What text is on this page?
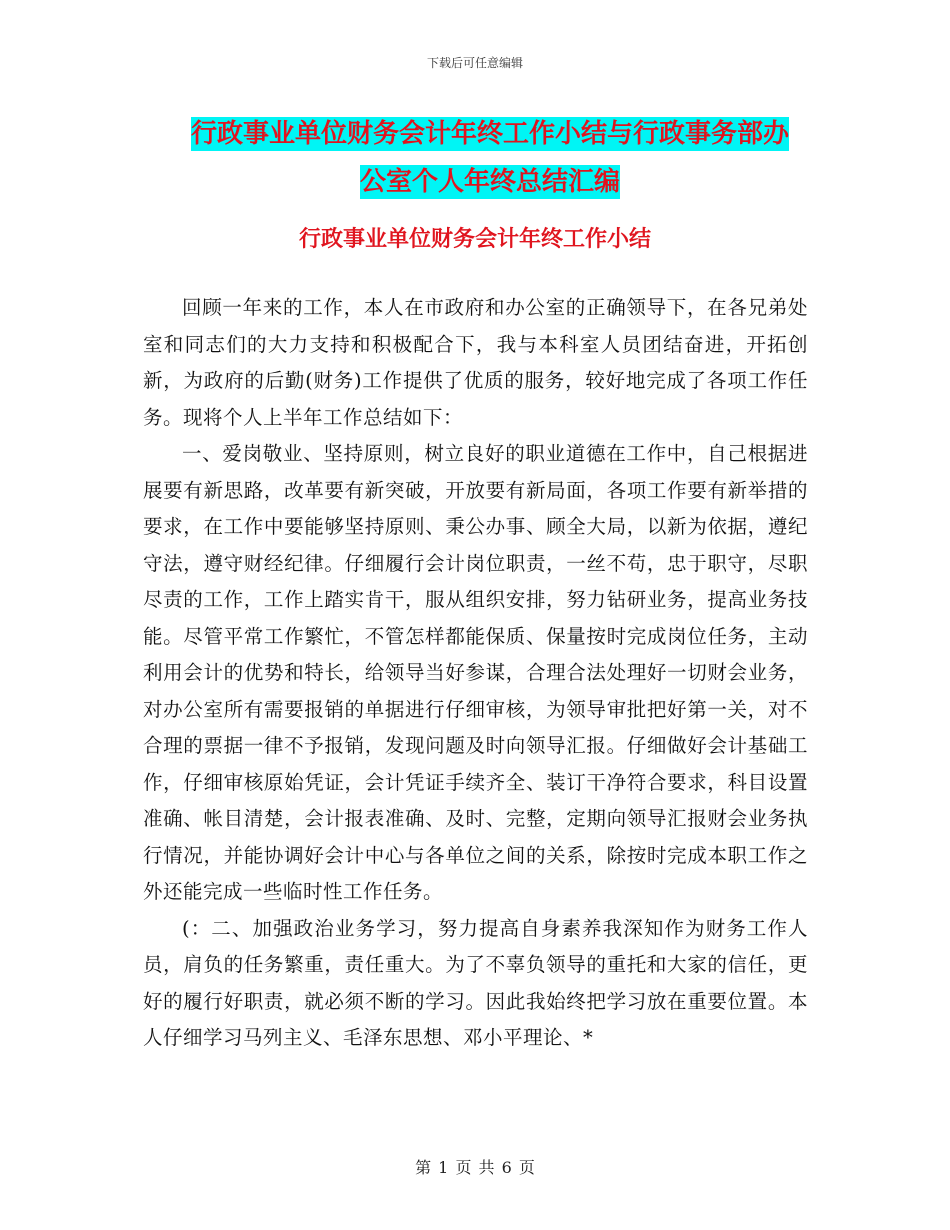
下载后可任意编辑
行政事业单位财务会计年终工作小结与行政事务部办
公室个人年终总结汇编
行政事业单位财务会计年终工作小结

回顾一年来的工作，本人在市政府和办公室的正确领导下，在各兄弟处室和同志们的大力支持和积极配合下，我与本科室人员团结奋进，开拓创新，为政府的后勤(财务)工作提供了优质的服务，较好地完成了各项工作任务。现将个人上半年工作总结如下：

一、爱岗敬业、坚持原则，树立良好的职业道德在工作中，自己根据进展要有新思路，改革要有新突破，开放要有新局面，各项工作要有新举措的要求，在工作中要能够坚持原则、秉公办事、顾全大局，以新为依据，遵纪守法，遵守财经纪律。仔细履行会计岗位职责，一丝不苟，忠于职守，尽职尽责的工作，工作上踏实肯干，服从组织安排，努力钻研业务，提高业务技能。尽管平常工作繁忙，不管怎样都能保质、保量按时完成岗位任务，主动利用会计的优势和特长，给领导当好参谋，合理合法处理好一切财会业务，对办公室所有需要报销的单据进行仔细审核，为领导审批把好第一关，对不合理的票据一律不予报销，发现问题及时向领导汇报。仔细做好会计基础工作，仔细审核原始凭证，会计凭证手续齐全、装订干净符合要求，科目设置准确、帐目清楚，会计报表准确、及时、完整，定期向领导汇报财会业务执行情况，并能协调好会计中心与各单位之间的关系，除按时完成本职工作之外还能完成一些临时性工作任务。

(：二、加强政治业务学习，努力提高自身素养我深知作为财务工作人员，肩负的任务繁重，责任重大。为了不辜负领导的重托和大家的信任，更好的履行好职责，就必须不断的学习。因此我始终把学习放在重要位置。本人仔细学习马列主义、毛泽东思想、邓小平理论、*

第 1 页 共 6 页
